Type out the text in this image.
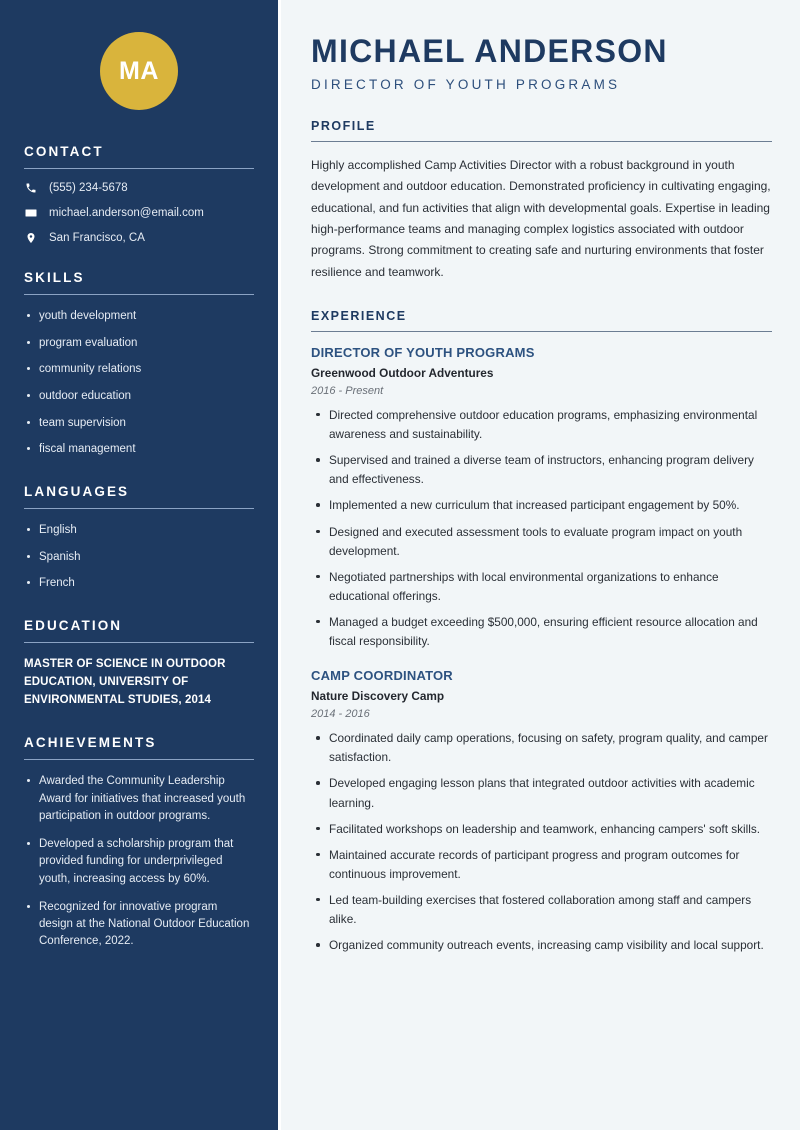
MA
CONTACT
(555) 234-5678
michael.anderson@email.com
San Francisco, CA
SKILLS
youth development
program evaluation
community relations
outdoor education
team supervision
fiscal management
LANGUAGES
English
Spanish
French
EDUCATION
MASTER OF SCIENCE IN OUTDOOR EDUCATION, UNIVERSITY OF ENVIRONMENTAL STUDIES, 2014
ACHIEVEMENTS
Awarded the Community Leadership Award for initiatives that increased youth participation in outdoor programs.
Developed a scholarship program that provided funding for underprivileged youth, increasing access by 60%.
Recognized for innovative program design at the National Outdoor Education Conference, 2022.
MICHAEL ANDERSON
DIRECTOR OF YOUTH PROGRAMS
PROFILE

Highly accomplished Camp Activities Director with a robust background in youth development and outdoor education. Demonstrated proficiency in cultivating engaging, educational, and fun activities that align with developmental goals. Expertise in leading high-performance teams and managing complex logistics associated with outdoor programs. Strong commitment to creating safe and nurturing environments that foster resilience and teamwork.

EXPERIENCE
DIRECTOR OF YOUTH PROGRAMS
Greenwood Outdoor Adventures
2016 - Present
Directed comprehensive outdoor education programs, emphasizing environmental awareness and sustainability.
Supervised and trained a diverse team of instructors, enhancing program delivery and effectiveness.
Implemented a new curriculum that increased participant engagement by 50%.
Designed and executed assessment tools to evaluate program impact on youth development.
Negotiated partnerships with local environmental organizations to enhance educational offerings.
Managed a budget exceeding $500,000, ensuring efficient resource allocation and fiscal responsibility.
CAMP COORDINATOR
Nature Discovery Camp
2014 - 2016
Coordinated daily camp operations, focusing on safety, program quality, and camper satisfaction.
Developed engaging lesson plans that integrated outdoor activities with academic learning.
Facilitated workshops on leadership and teamwork, enhancing campers' soft skills.
Maintained accurate records of participant progress and program outcomes for continuous improvement.
Led team-building exercises that fostered collaboration among staff and campers alike.
Organized community outreach events, increasing camp visibility and local support.
